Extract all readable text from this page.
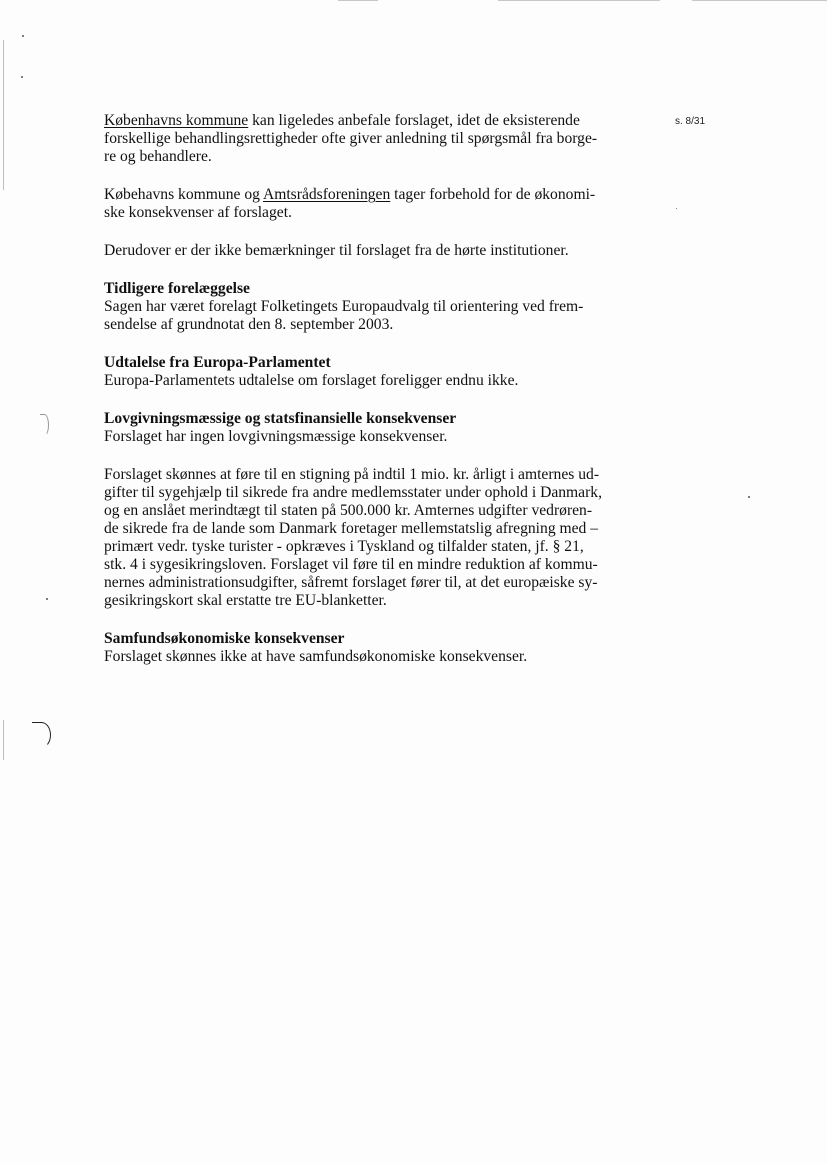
s. 8/31
Københavns kommune kan ligeledes anbefale forslaget, idet de eksisterende
forskellige behandlingsrettigheder ofte giver anledning til spørgsmål fra borge-
re og behandlere.
Købehavns kommune og Amtsrådsforeningen tager forbehold for de økonomi-
ske konsekvenser af forslaget.
Derudover er der ikke bemærkninger til forslaget fra de hørte institutioner.
Tidligere forelæggelse
Sagen har været forelagt Folketingets Europaudvalg til orientering ved frem-
sendelse af grundnotat den 8. september 2003.
Udtalelse fra Europa-Parlamentet
Europa-Parlamentets udtalelse om forslaget foreligger endnu ikke.
Lovgivningsmæssige og statsfinansielle konsekvenser
Forslaget har ingen lovgivningsmæssige konsekvenser.
Forslaget skønnes at føre til en stigning på indtil 1 mio. kr. årligt i amternes ud-
gifter til sygehjælp til sikrede fra andre medlemsstater under ophold i Danmark,
og en anslået merindtægt til staten på 500.000 kr. Amternes udgifter vedrøren-
de sikrede fra de lande som Danmark foretager mellemstatslig afregning med –
primært vedr. tyske turister - opkræves i Tyskland og tilfalder staten, jf. § 21,
stk. 4 i sygesikringsloven. Forslaget vil føre til en mindre reduktion af kommu-
nernes administrationsudgifter, såfremt forslaget fører til, at det europæiske sy-
gesikringskort skal erstatte tre EU-blanketter.
Samfundsøkonomiske konsekvenser
Forslaget skønnes ikke at have samfundsøkonomiske konsekvenser.
